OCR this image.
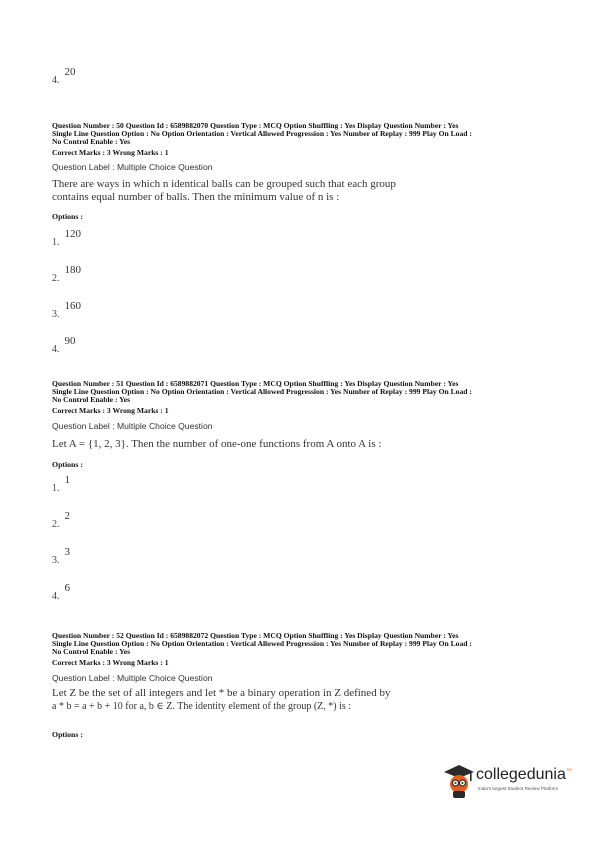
4.20
Question Number : 50 Question Id : 6589882070 Question Type : MCQ Option Shuffling : Yes Display Question Number : Yes
Single Line Question Option : No Option Orientation : Vertical Allowed Progression : Yes Number of Replay : 999 Play On Load :
No Control Enable : Yes
Correct Marks : 3 Wrong Marks : 1
Question Label : Multiple Choice Question
There are ways in which n identical balls can be grouped such that each group
contains equal number of balls. Then the minimum value of n is :
Options :
1.120
2.180
3.160
4.90
Question Number : 51 Question Id : 6589882071 Question Type : MCQ Option Shuffling : Yes Display Question Number : Yes
Single Line Question Option : No Option Orientation : Vertical Allowed Progression : Yes Number of Replay : 999 Play On Load :
No Control Enable : Yes
Correct Marks : 3 Wrong Marks : 1
Question Label : Multiple Choice Question
Let A = {1, 2, 3}. Then the number of one-one functions from A onto A is :
Options :
1.1
2.2
3.3
4.6
Question Number : 52 Question Id : 6589882072 Question Type : MCQ Option Shuffling : Yes Display Question Number : Yes
Single Line Question Option : No Option Orientation : Vertical Allowed Progression : Yes Number of Replay : 999 Play On Load :
No Control Enable : Yes
Correct Marks : 3 Wrong Marks : 1
Question Label : Multiple Choice Question
Let Z be the set of all integers and let * be a binary operation in Z defined by
a * b = a + b + 10 for a, b ∈ Z. The identity element of the group (Z, *) is :
Options :
collegedunia™
India's largest Student Review Platform
